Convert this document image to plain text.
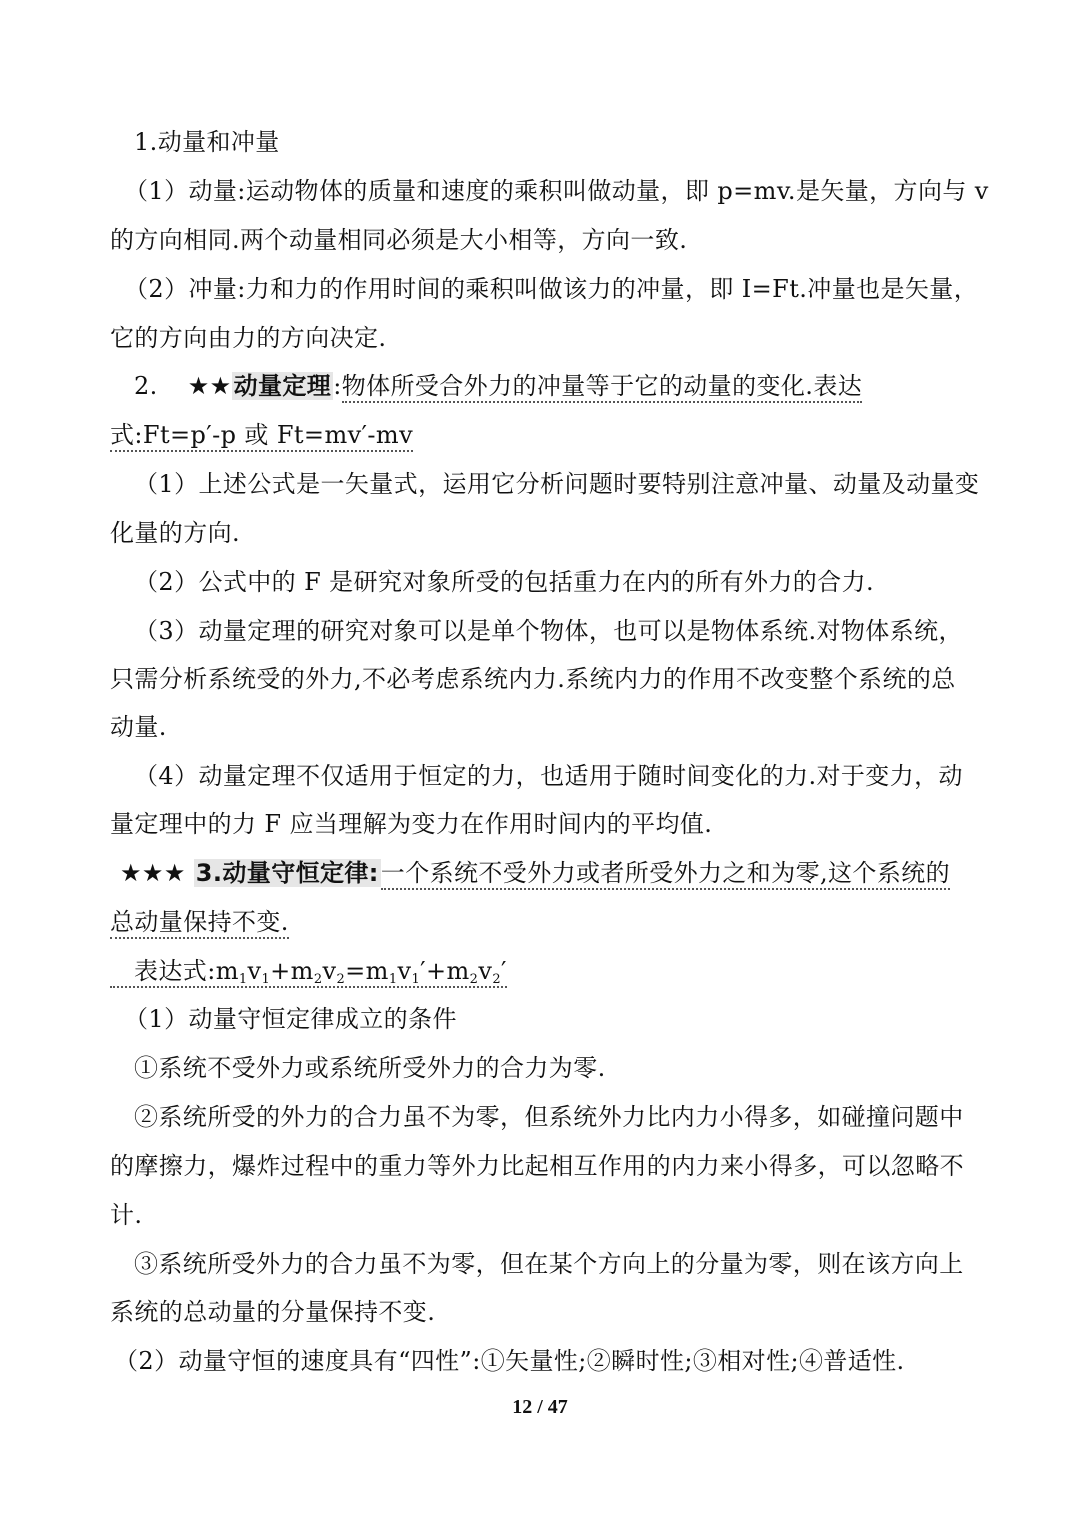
1.动量和冲量
（1）动量:运动物体的质量和速度的乘积叫做动量，即 p=mv.是矢量，方向与 v
的方向相同.两个动量相同必须是大小相等，方向一致.
（2）冲量:力和力的作用时间的乘积叫做该力的冲量，即 I=Ft.冲量也是矢量，
它的方向由力的方向决定.
2. ★★动量定理:物体所受合外力的冲量等于它的动量的变化.表达
式:Ft=p′-p 或 Ft=mv′-mv
（1）上述公式是一矢量式，运用它分析问题时要特别注意冲量、动量及动量变
化量的方向.
（2）公式中的 F 是研究对象所受的包括重力在内的所有外力的合力.
（3）动量定理的研究对象可以是单个物体，也可以是物体系统.对物体系统，
只需分析系统受的外力,不必考虑系统内力.系统内力的作用不改变整个系统的总
动量.
（4）动量定理不仅适用于恒定的力，也适用于随时间变化的力.对于变力，动
量定理中的力 F 应当理解为变力在作用时间内的平均值.
★★★ 3.动量守恒定律:一个系统不受外力或者所受外力之和为零,这个系统的
总动量保持不变.
表达式$:m_1v_1+m_2v_2=m_1v_1'+m_2v_2'$
（1）动量守恒定律成立的条件
①系统不受外力或系统所受外力的合力为零.
②系统所受的外力的合力虽不为零，但系统外力比内力小得多，如碰撞问题中
的摩擦力，爆炸过程中的重力等外力比起相互作用的内力来小得多，可以忽略不
计.
③系统所受外力的合力虽不为零，但在某个方向上的分量为零，则在该方向上
系统的总动量的分量保持不变.
（2）动量守恒的速度具有“四性”:①矢量性;②瞬时性;③相对性;④普适性.
12 / 47
